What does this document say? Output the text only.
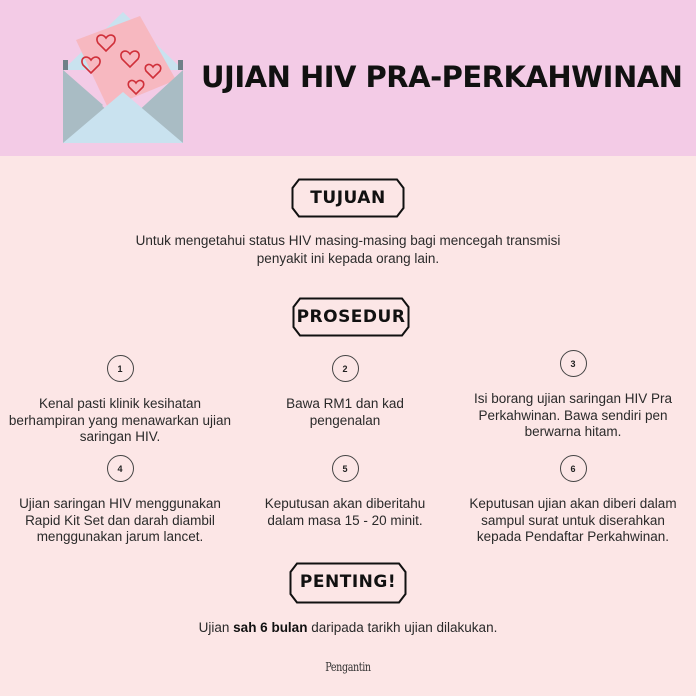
UJIAN HIV PRA-PERKAHWINAN
TUJUAN
Untuk mengetahui status HIV masing-masing bagi mencegah transmisi
penyakit ini kepada orang lain.
PROSEDUR
1
Kenal pasti klinik kesihatan berhampiran yang menawarkan ujian saringan HIV.
2
Bawa RM1 dan kad pengenalan
3
Isi borang ujian saringan HIV Pra Perkahwinan. Bawa sendiri pen berwarna hitam.
4
Ujian saringan HIV menggunakan Rapid Kit Set dan darah diambil menggunakan jarum lancet.
5
Keputusan akan diberitahu dalam masa 15 - 20 minit.
6
Keputusan ujian akan diberi dalam sampul surat untuk diserahkan kepada Pendaftar Perkahwinan.
PENTING!
Ujian sah 6 bulan daripada tarikh ujian dilakukan.
Pengantin
